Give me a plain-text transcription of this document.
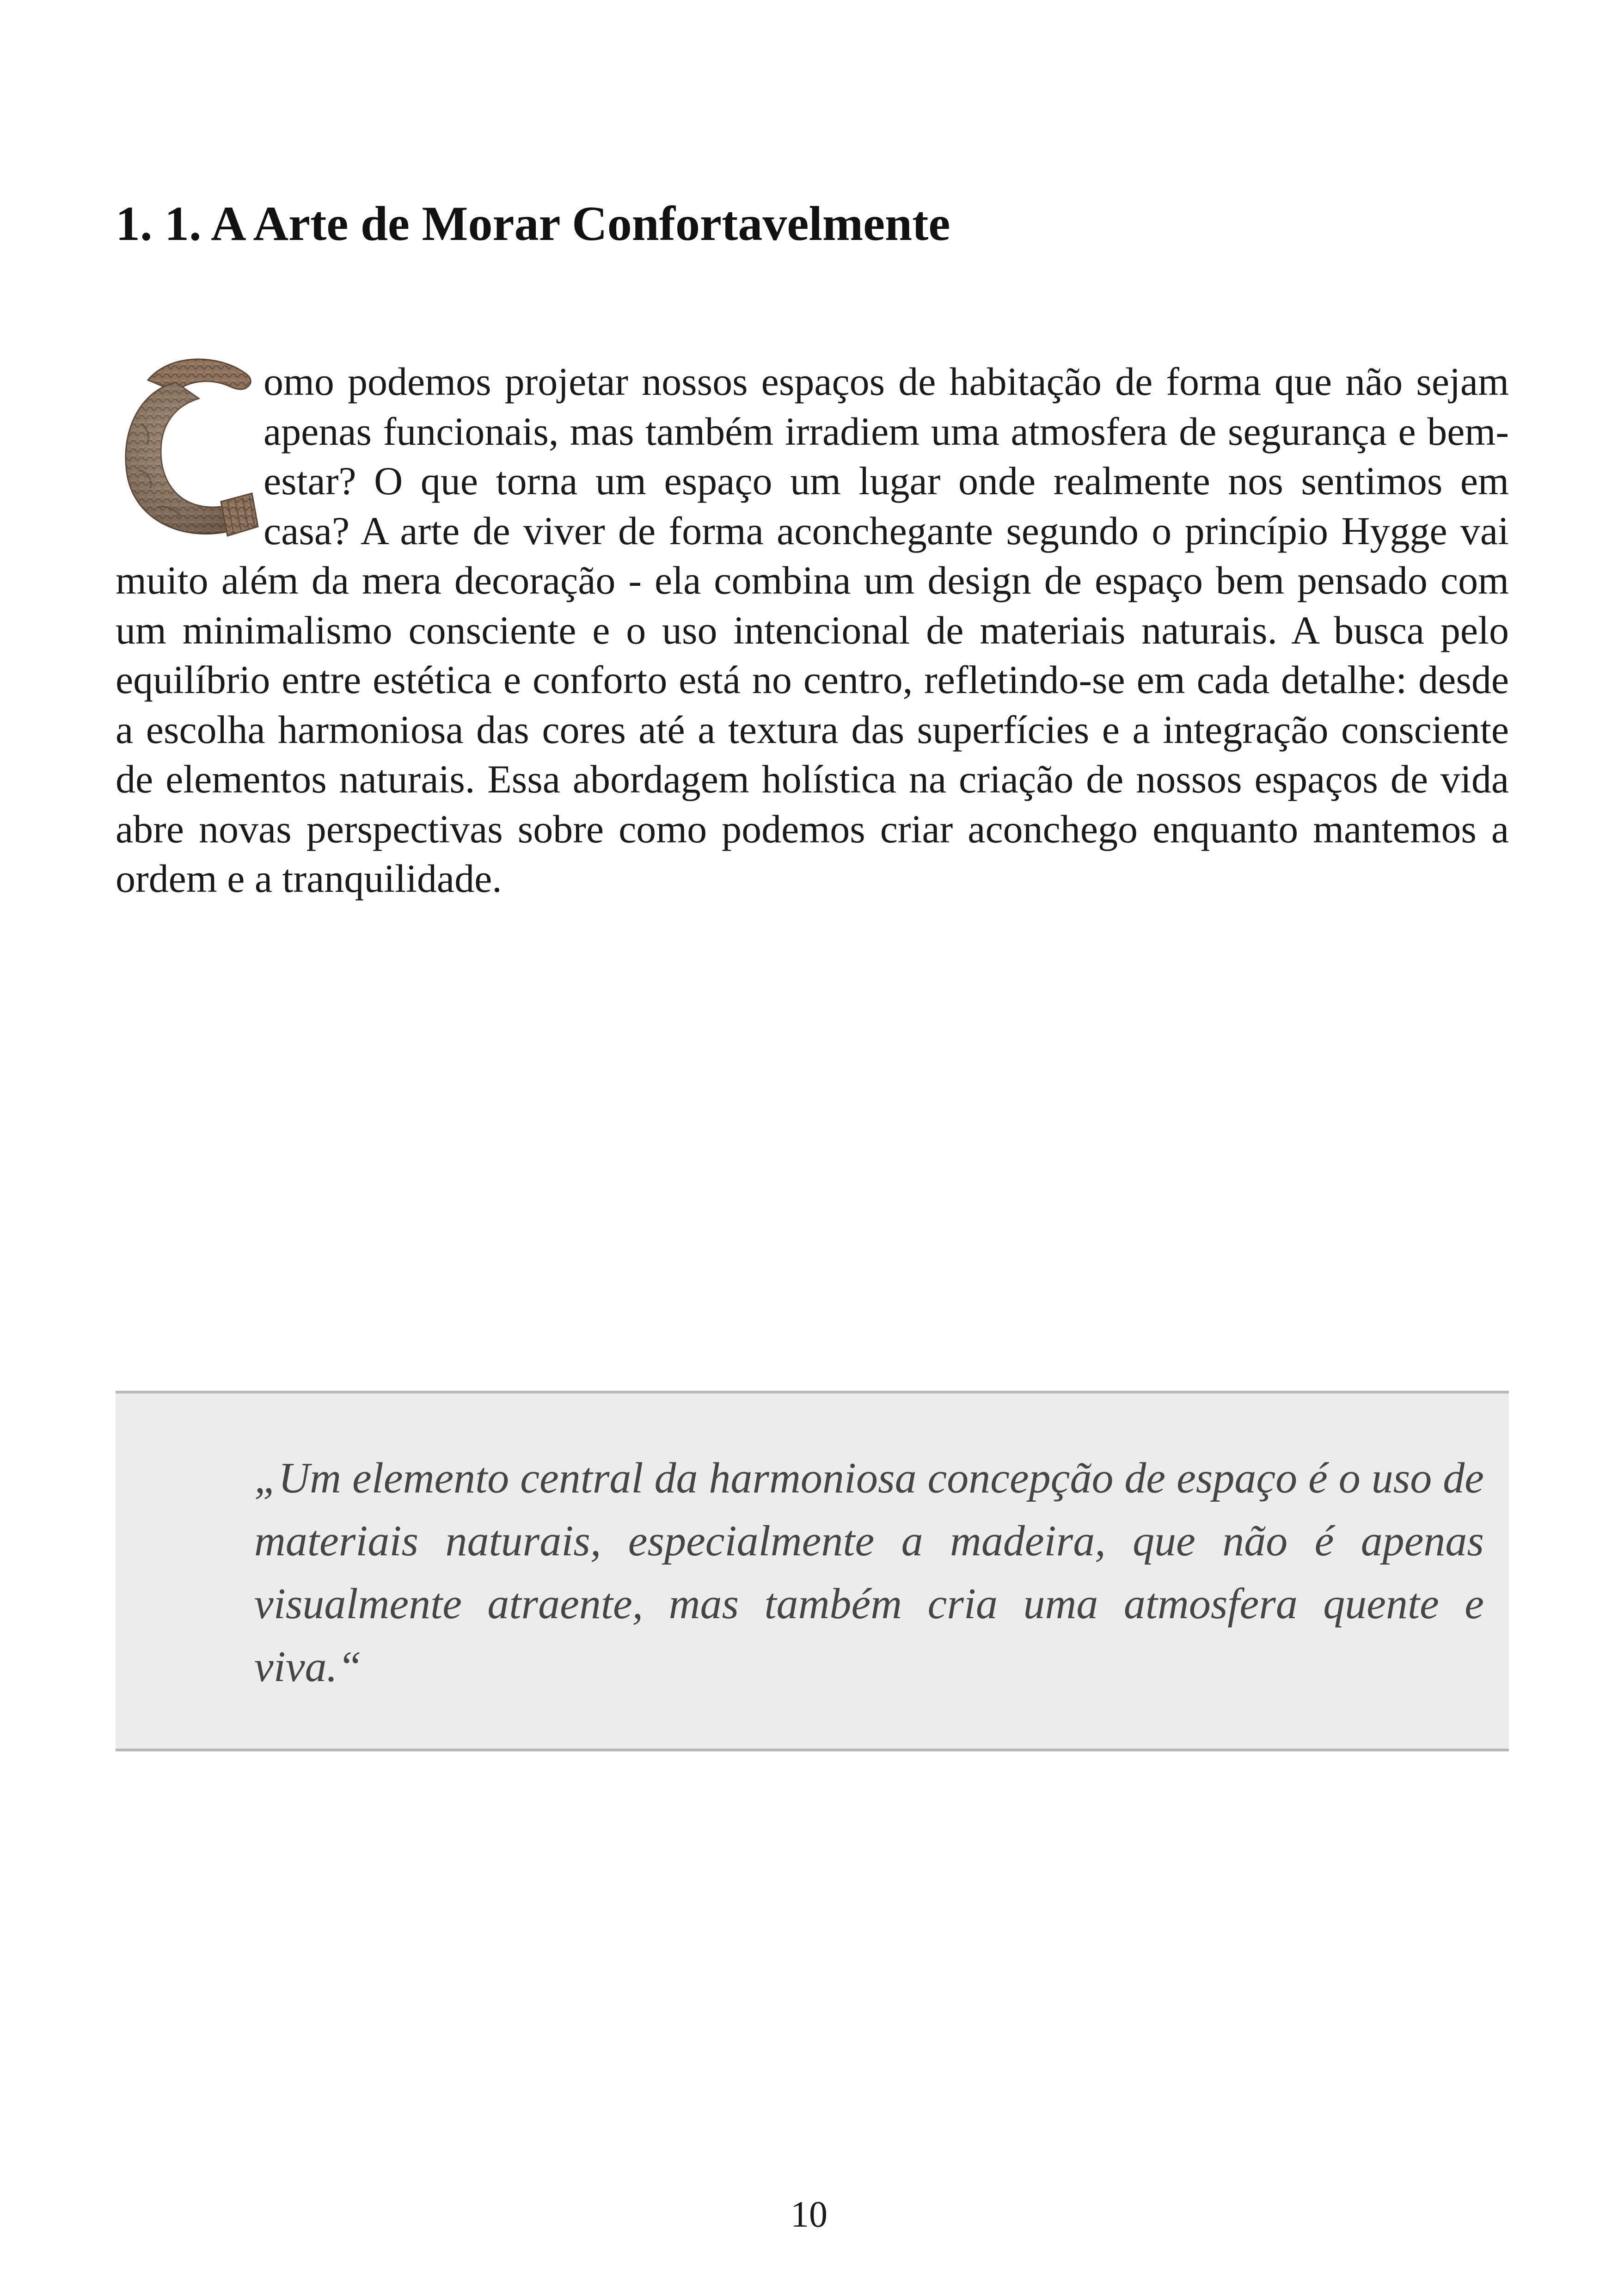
1. 1. A Arte de Morar Confortavelmente
omo podemos projetar nossos espaços de habitação de forma que não sejam apenas funcionais, mas também irradiem uma atmosfera de segurança e bem-estar? O que torna um espaço um lugar onde realmente nos sentimos em casa? A arte de viver de forma aconchegante segundo o princípio Hygge vai muito além da mera decoração - ela combina um design de espaço bem pensado com um minimalismo consciente e o uso intencional de materiais naturais. A busca pelo equilíbrio entre estética e conforto está no centro, refletindo-se em cada detalhe: desde a escolha harmoniosa das cores até a textura das superfícies e a integração consciente de elementos naturais. Essa abordagem holística na criação de nossos espaços de vida abre novas perspectivas sobre como podemos criar aconchego enquanto mantemos a ordem e a tranquilidade.

„Um elemento central da harmoniosa concepção de espaço é o uso de materiais naturais, especialmente a madeira, que não é apenas visualmente atraente, mas também cria uma atmosfera quente e viva.“

10
